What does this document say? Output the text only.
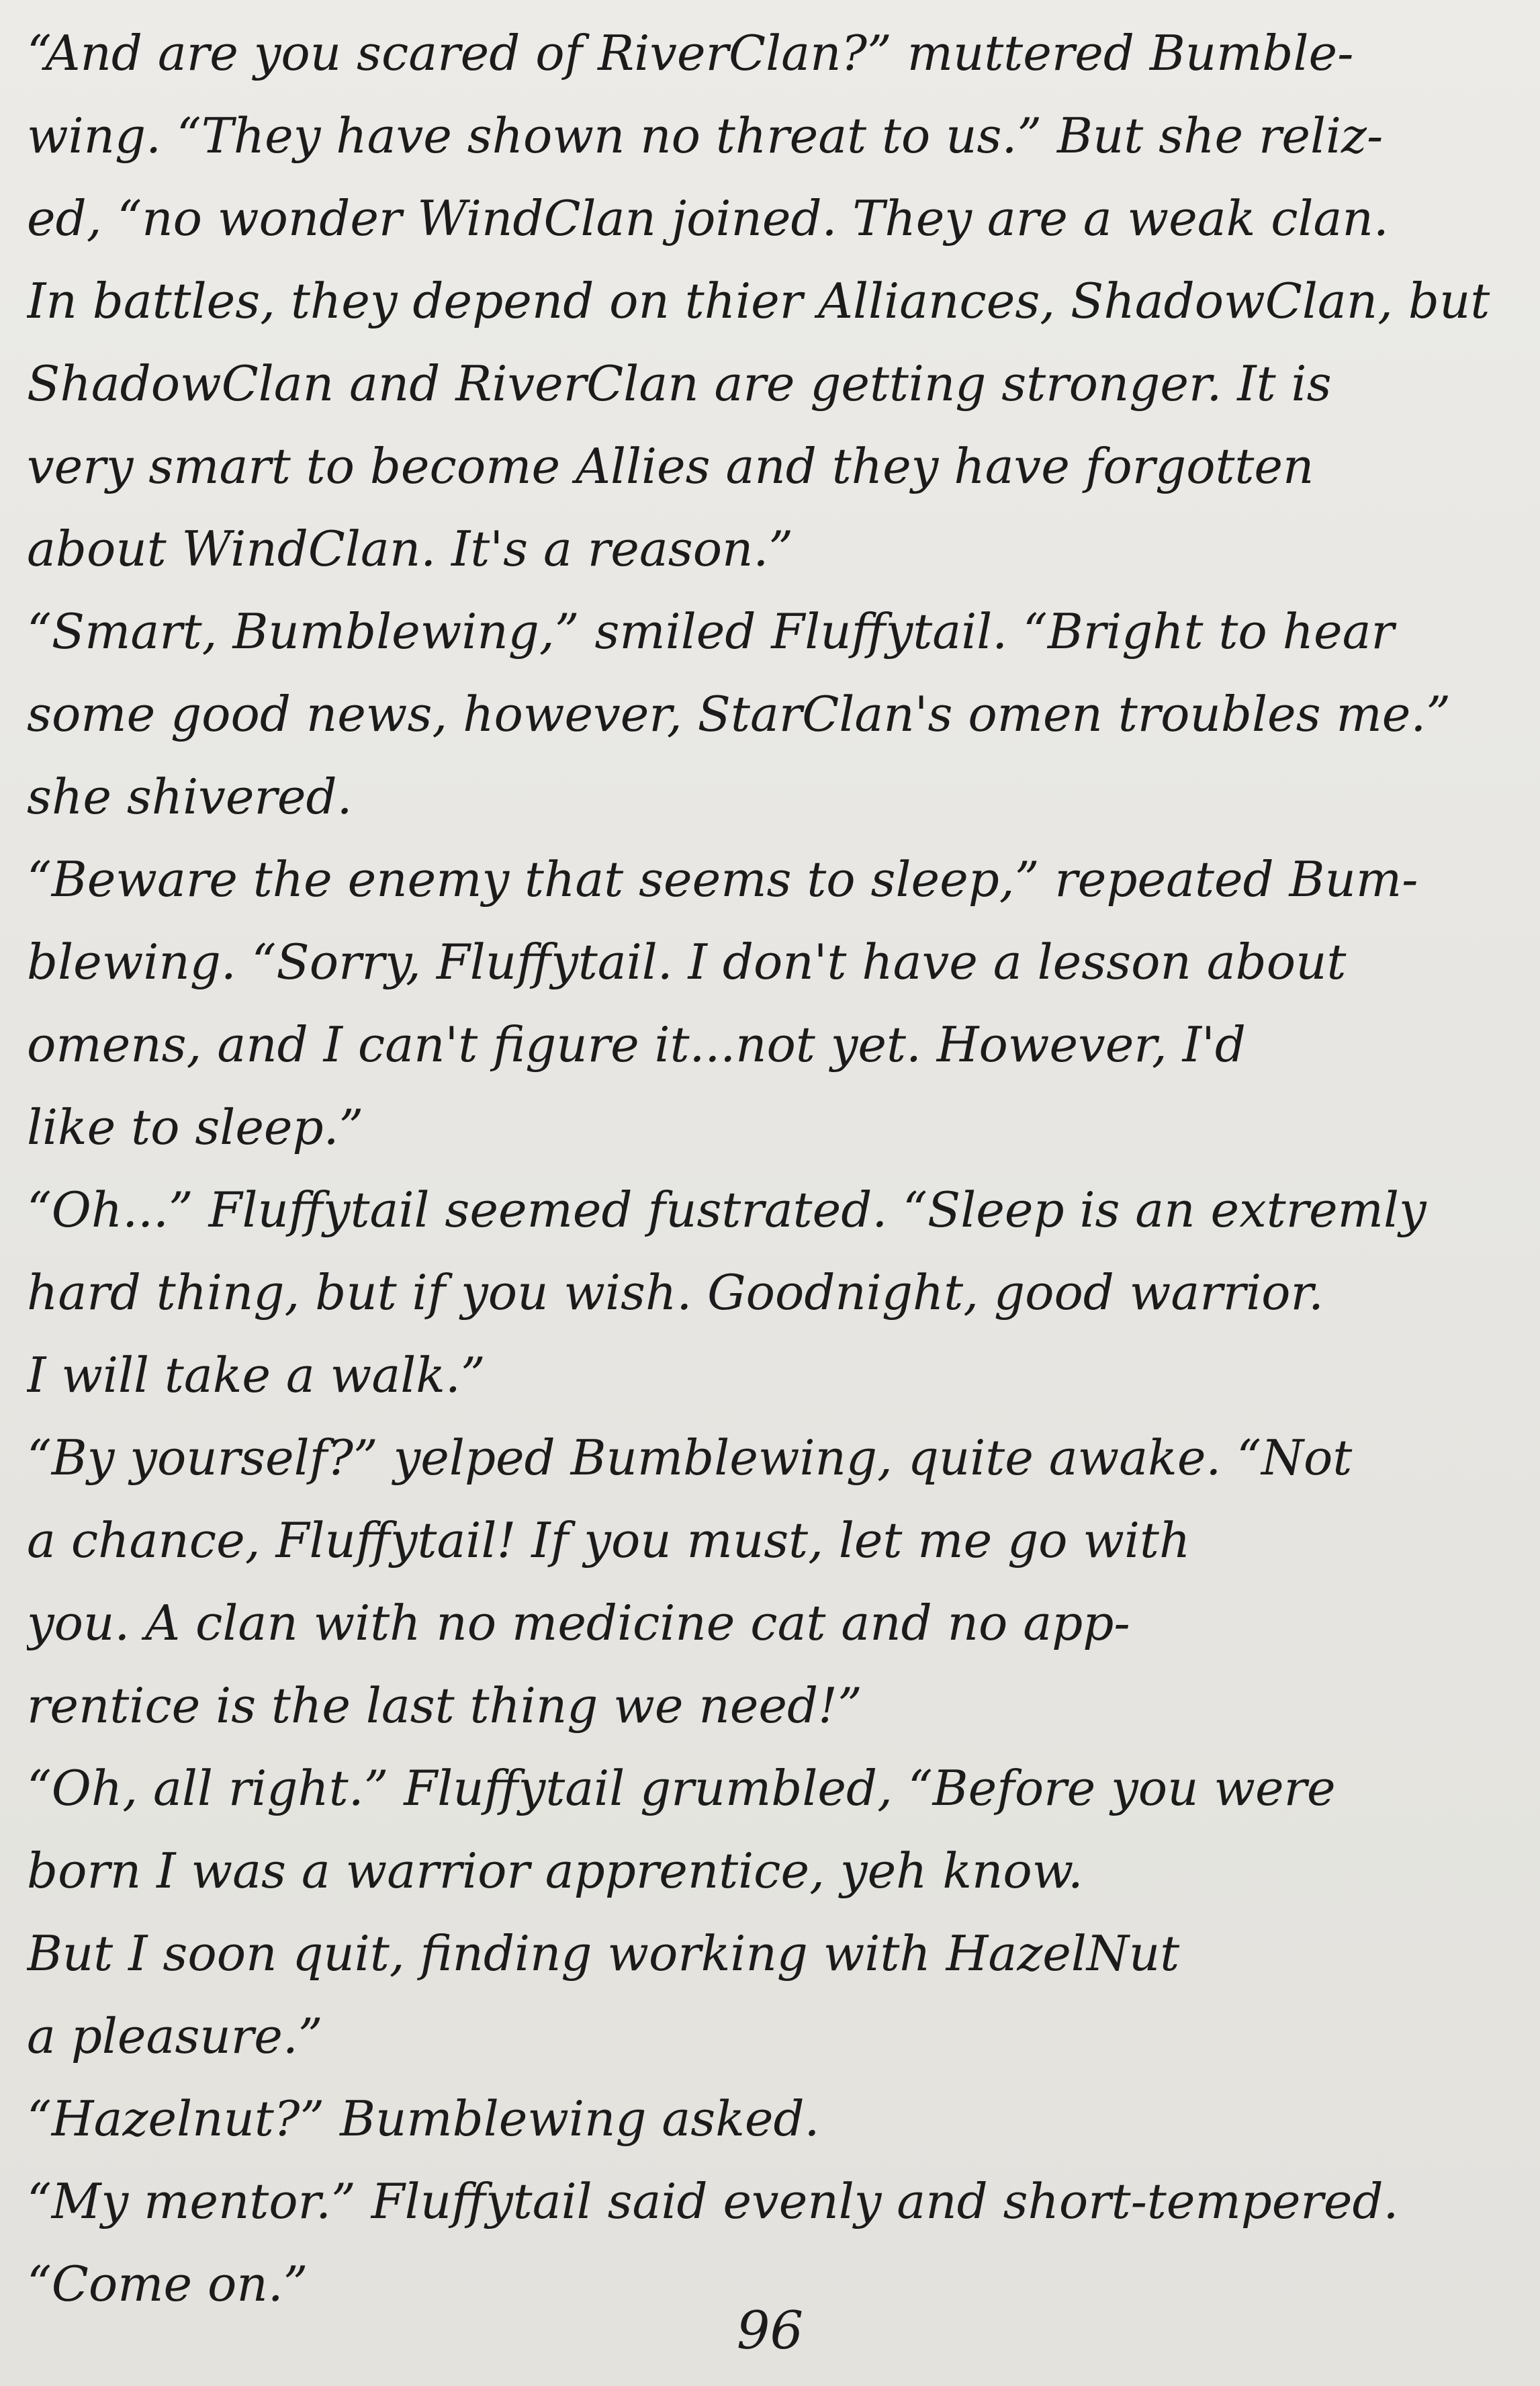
“And are you scared of RiverClan?” muttered Bumble-
wing. “They have shown no threat to us.” But she reliz-
ed, “no wonder WindClan joined. They are a weak clan.
In battles, they depend on thier Alliances, ShadowClan, but
ShadowClan and RiverClan are getting stronger. It is
very smart to become Allies and they have forgotten
about WindClan. It's a reason.”
“Smart, Bumblewing,” smiled Fluffytail. “Bright to hear
some good news, however, StarClan's omen troubles me.”
she shivered.
“Beware the enemy that seems to sleep,” repeated Bum-
blewing. “Sorry, Fluffytail. I don't have a lesson about
omens, and I can't figure it...not yet. However, I'd
like to sleep.”
“Oh...” Fluffytail seemed fustrated. “Sleep is an extremly
hard thing, but if you wish. Goodnight, good warrior.
I will take a walk.”
“By yourself?” yelped Bumblewing, quite awake. “Not
a chance, Fluffytail! If you must, let me go with
you. A clan with no medicine cat and no app-
rentice is the last thing we need!”
“Oh, all right.” Fluffytail grumbled, “Before you were
born I was a warrior apprentice, yeh know.
But I soon quit, finding working with HazelNut
a pleasure.”
“Hazelnut?” Bumblewing asked.
“My mentor.” Fluffytail said evenly and short-tempered.
“Come on.”
96
